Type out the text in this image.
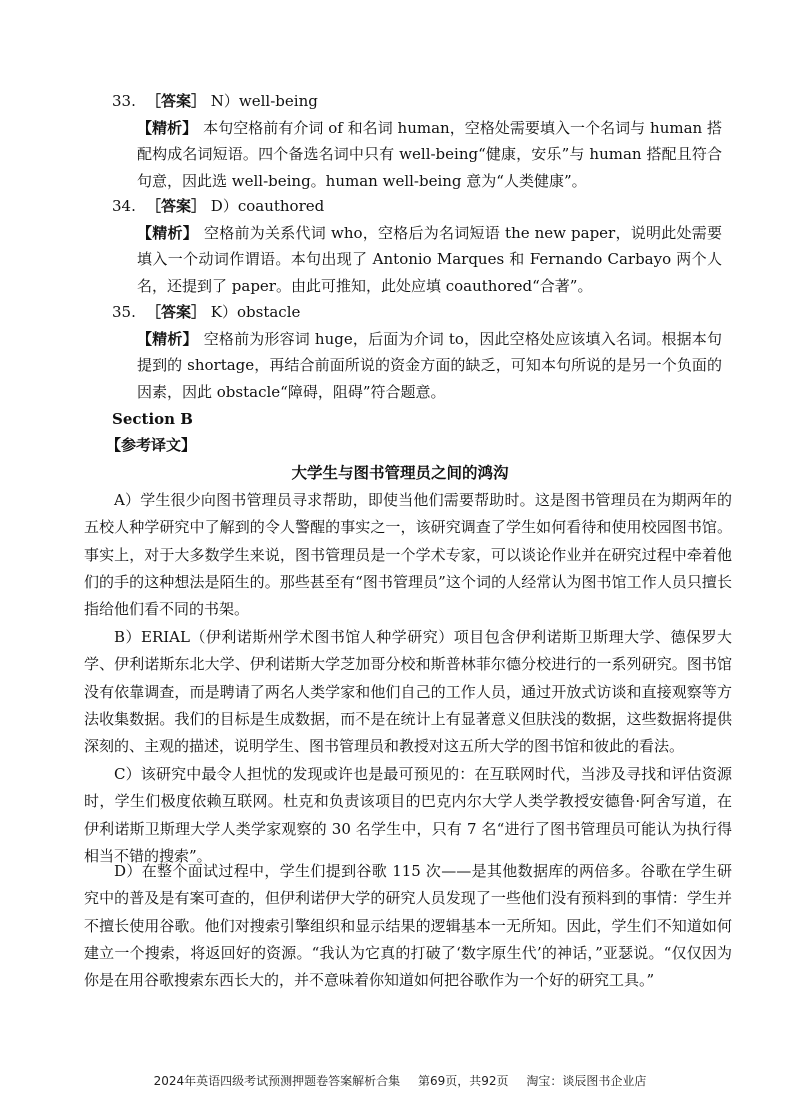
33. ［答案］ N）well-being

【精析】 本句空格前有介词 of 和名词 human，空格处需要填入一个名词与 human 搭配构成名词短语。四个备选名词中只有 well-being“健康，安乐”与 human 搭配且符合句意，因此选 well-being。human well-being 意为“人类健康”。

34. ［答案］ D）coauthored

【精析】 空格前为关系代词 who，空格后为名词短语 the new paper，说明此处需要填入一个动词作谓语。本句出现了 Antonio Marques 和 Fernando Carbayo 两个人名，还提到了 paper。由此可推知，此处应填 coauthored“合著”。

35. ［答案］ K）obstacle

【精析】 空格前为形容词 huge，后面为介词 to，因此空格处应该填入名词。根据本句提到的 shortage，再结合前面所说的资金方面的缺乏，可知本句所说的是另一个负面的因素，因此 obstacle“障碍，阻碍”符合题意。

Section B
【参考译文】
大学生与图书管理员之间的鸿沟

A）学生很少向图书管理员寻求帮助，即使当他们需要帮助时。这是图书管理员在为期两年的五校人种学研究中了解到的令人警醒的事实之一，该研究调查了学生如何看待和使用校园图书馆。事实上，对于大多数学生来说，图书管理员是一个学术专家，可以谈论作业并在研究过程中牵着他们的手的这种想法是陌生的。那些甚至有“图书管理员”这个词的人经常认为图书馆工作人员只擅长指给他们看不同的书架。

B）ERIAL（伊利诺斯州学术图书馆人种学研究）项目包含伊利诺斯卫斯理大学、德保罗大学、伊利诺斯东北大学、伊利诺斯大学芝加哥分校和斯普林菲尔德分校进行的一系列研究。图书馆没有依靠调查，而是聘请了两名人类学家和他们自己的工作人员，通过开放式访谈和直接观察等方法收集数据。我们的目标是生成数据，而不是在统计上有显著意义但肤浅的数据，这些数据将提供深刻的、主观的描述，说明学生、图书管理员和教授对这五所大学的图书馆和彼此的看法。

C）该研究中最令人担忧的发现或许也是最可预见的：在互联网时代，当涉及寻找和评估资源时，学生们极度依赖互联网。杜克和负责该项目的巴克内尔大学人类学教授安德鲁·阿舍写道，在伊利诺斯卫斯理大学人类学家观察的 30 名学生中，只有 7 名“进行了图书管理员可能认为执行得相当不错的搜索”。

D）在整个面试过程中，学生们提到谷歌 115 次——是其他数据库的两倍多。谷歌在学生研究中的普及是有案可查的，但伊利诺伊大学的研究人员发现了一些他们没有预料到的事情：学生并不擅长使用谷歌。他们对搜索引擎组织和显示结果的逻辑基本一无所知。因此，学生们不知道如何建立一个搜索，将返回好的资源。“我认为它真的打破了‘数字原生代’的神话，”亚瑟说。“仅仅因为你是在用谷歌搜索东西长大的，并不意味着你知道如何把谷歌作为一个好的研究工具。”

2024年英语四级考试预测押题卷答案解析合集 第69页，共92页 淘宝：谈辰图书企业店
